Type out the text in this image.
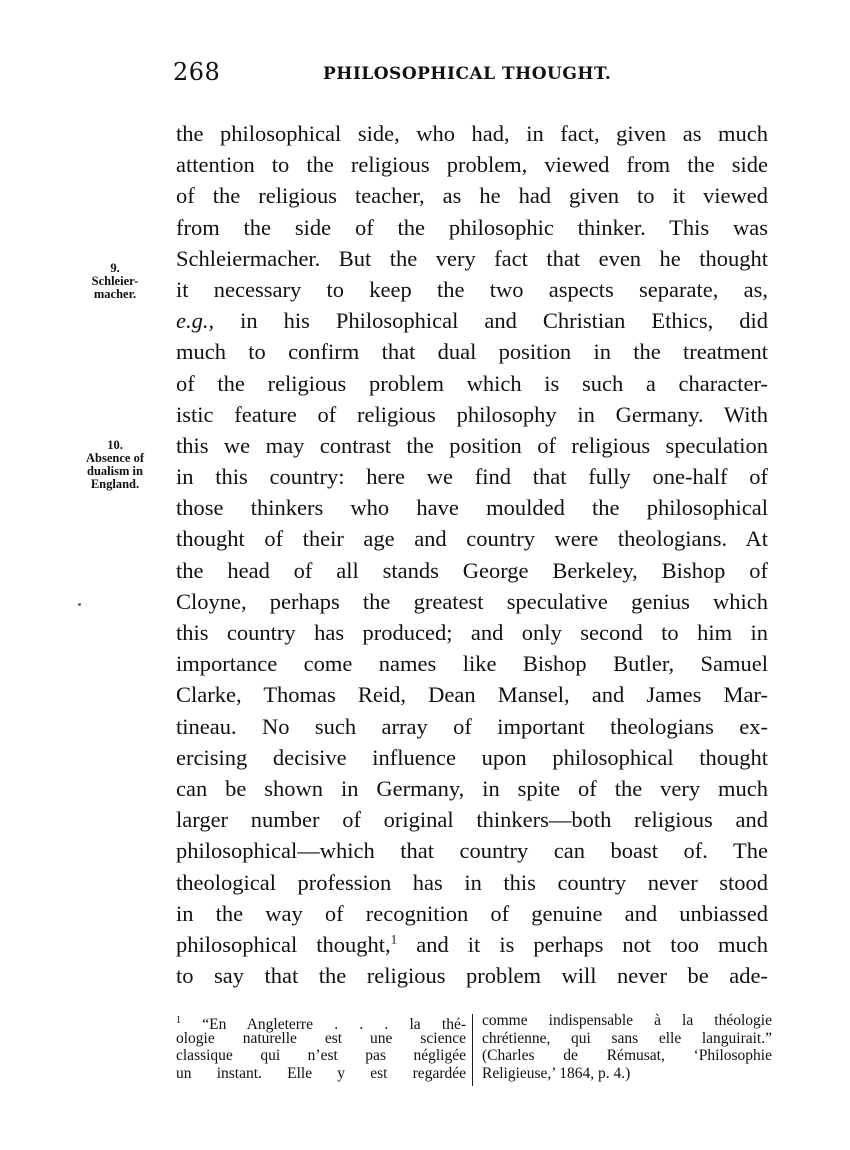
268	PHILOSOPHICAL THOUGHT.
9.
Schleier-
macher.
10.
Absence of
dualism in
England.
the philosophical side, who had, in fact, given as much
attention to the religious problem, viewed from the side
of the religious teacher, as he had given to it viewed
from the side of the philosophic thinker. This was
Schleiermacher. But the very fact that even he thought
it necessary to keep the two aspects separate, as,
e.g., in his Philosophical and Christian Ethics, did
much to confirm that dual position in the treatment
of the religious problem which is such a character-
istic feature of religious philosophy in Germany. With
this we may contrast the position of religious speculation
in this country: here we find that fully one-half of
those thinkers who have moulded the philosophical
thought of their age and country were theologians. At
the head of all stands George Berkeley, Bishop of
Cloyne, perhaps the greatest speculative genius which
this country has produced; and only second to him in
importance come names like Bishop Butler, Samuel
Clarke, Thomas Reid, Dean Mansel, and James Mar-
tineau. No such array of important theologians ex-
ercising decisive influence upon philosophical thought
can be shown in Germany, in spite of the very much
larger number of original thinkers—both religious and
philosophical—which that country can boast of. The
theological profession has in this country never stood
in the way of recognition of genuine and unbiassed
philosophical thought,$^1$ and it is perhaps not too much
to say that the religious problem will never be ade-
$^1$ “En Angleterre . . . la thé-
ologie naturelle est une science
classique qui n’est pas négligée
un instant. Elle y est regardée
comme indispensable à la théologie
chrétienne, qui sans elle languirait.”
(Charles de Rémusat, ‘Philosophie
Religieuse,’ 1864, p. 4.)
